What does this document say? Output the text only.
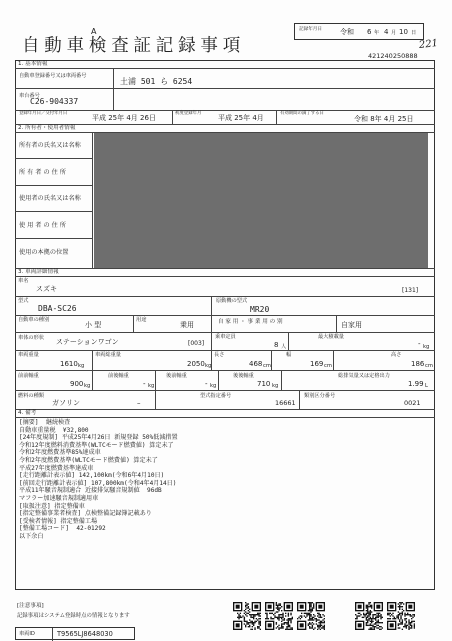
A
自動車検査証記録事項
記録年月日	令和 6 年 4 月 10 日
221
421240250888
1. 基本情報
自動車登録番号又は車両番号
土浦 501 ら 6254
車台番号
C26-904337
登録年月日／交付年月日
平成 25年 4月 26日
初度登録年月
平成 25年 4月
有効期間の満了する日
令和 8年 4月 25日
2. 所有者・使用者情報
所有者の氏名又は名称
所 有 者 の 住 所
使用者の氏名又は名称
使 用 者 の 住 所
使用の本拠の位置
3. 車両詳細情報
車名
スズキ	[131]
型式
DBA-SC26
原動機の型式
MR20
自動車の種別
小 型
用途
乗用	自 家 用 ・ 事 業 用 の 別	自家用
車体の形状 ステーションワゴン	[003]
乗車定員
8 人
最大積載量
- kg
車両重量
1610 kg
車両総重量
2050 kg
長さ
468 cm
幅
169 cm
高さ
186 cm
前前軸重
900 kg
前後軸重
- kg
後前軸重
- kg
後後軸重
710 kg
総排気量又は定格出力
1.99 L
燃料の種類
ガソリン	–
型式指定番号
16661
類別区分番号
0021
4. 備考
[摘要]  継続検査
自動車重量税  ¥32,800
[24年度規制] 平成25年4月26日 新規登録 50%低減措置
令和12年度燃料消費基準(WLTCモード燃費値) 算定未了
令和2年度燃費基準85%達成車
令和2年度燃費基準(WLTCモード燃費値) 算定未了
平成27年度燃費基準達成車
[走行距離計表示値] 142,100km(令和6年4月10日)
[前回走行距離計表示値] 107,800km(令和4年4月14日)
平成11年騒音規制適合 近接排気騒音規制値  96dB
マフラー加速騒音規制適用車
[取扱注意] 指定整備車
[指定整備事業者検査] 点検整備記録簿記載あり
[受検者情報] 指定整備工場
[整備工場コード]  42-01292
以下余白
[注意事項]
記録事項はシステム登録時点の情報となります
車両ID	T9565LJ8648030
